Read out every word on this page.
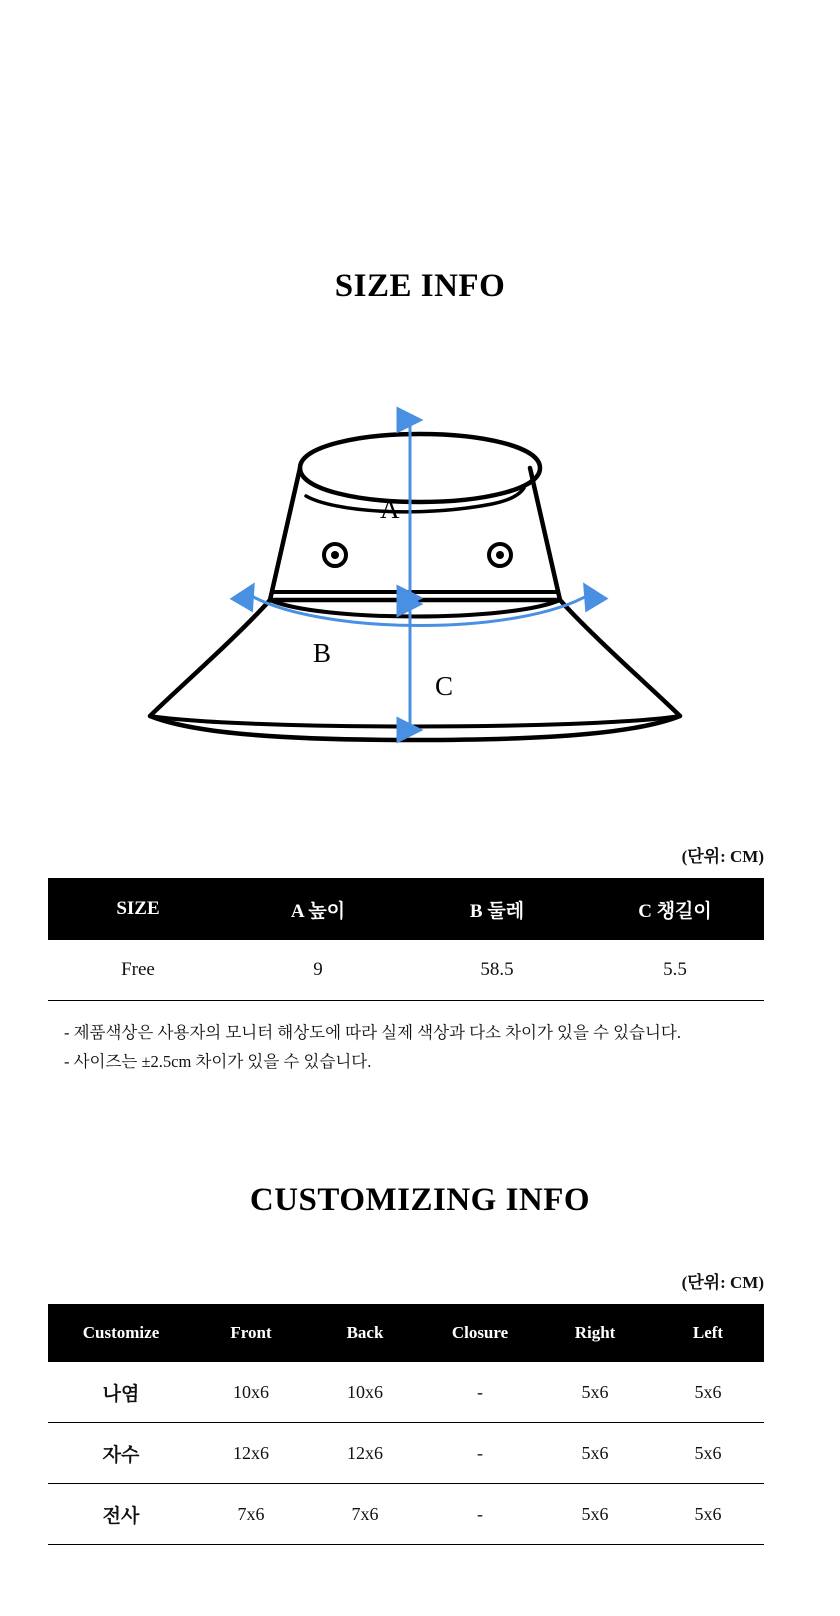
SIZE INFO
A
B
C
(단위: CM)
SIZE	A 높이	B 둘레	C 챙길이
Free	9	58.5	5.5
- 제품색상은 사용자의 모니터 해상도에 따라 실제 색상과 다소 차이가 있을 수 있습니다.
- 사이즈는 ±2.5cm 차이가 있을 수 있습니다.
CUSTOMIZING INFO
(단위: CM)
Customize	Front	Back	Closure	Right	Left
나염	10x6	10x6	-	5x6	5x6
자수	12x6	12x6	-	5x6	5x6
전사	7x6	7x6	-	5x6	5x6
